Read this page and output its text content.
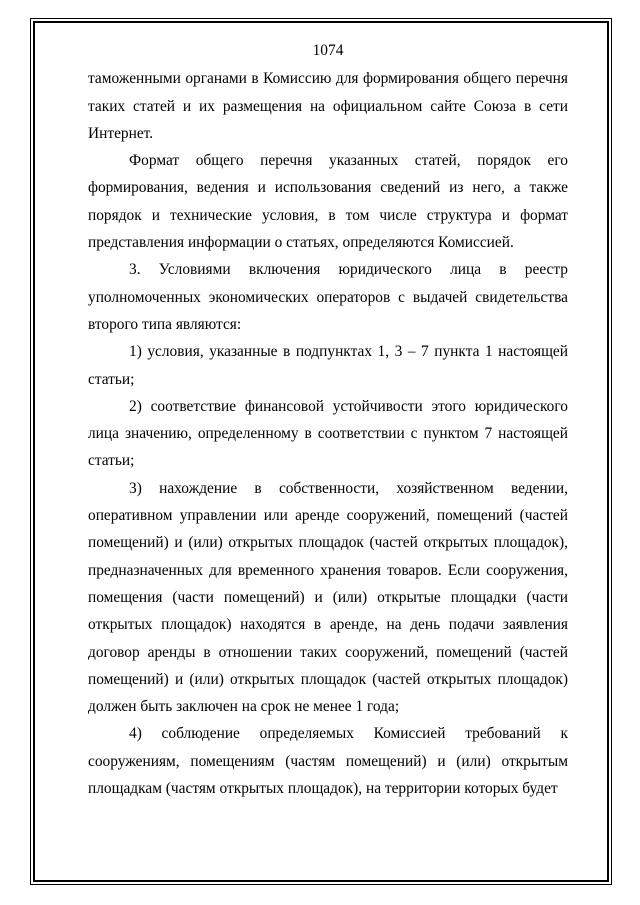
1074

таможенными органами в Комиссию для формирования общего перечня таких статей и их размещения на официальном сайте Союза в сети Интернет.

Формат общего перечня указанных статей, порядок его формирования, ведения и использования сведений из него, а также порядок и технические условия, в том числе структура и формат представления информации о статьях, определяются Комиссией.

3. Условиями включения юридического лица в реестр уполномоченных экономических операторов с выдачей свидетельства второго типа являются:

1) условия, указанные в подпунктах 1, 3 – 7 пункта 1 настоящей статьи;

2) соответствие финансовой устойчивости этого юридического лица значению, определенному в соответствии с пунктом 7 настоящей статьи;

3) нахождение в собственности, хозяйственном ведении, оперативном управлении или аренде сооружений, помещений (частей помещений) и (или) открытых площадок (частей открытых площадок), предназначенных для временного хранения товаров. Если сооружения, помещения (части помещений) и (или) открытые площадки (части открытых площадок) находятся в аренде, на день подачи заявления договор аренды в отношении таких сооружений, помещений (частей помещений) и (или) открытых площадок (частей открытых площадок) должен быть заключен на срок не менее 1 года;

4) соблюдение определяемых Комиссией требований к сооружениям, помещениям (частям помещений) и (или) открытым площадкам (частям открытых площадок), на территории которых будет
